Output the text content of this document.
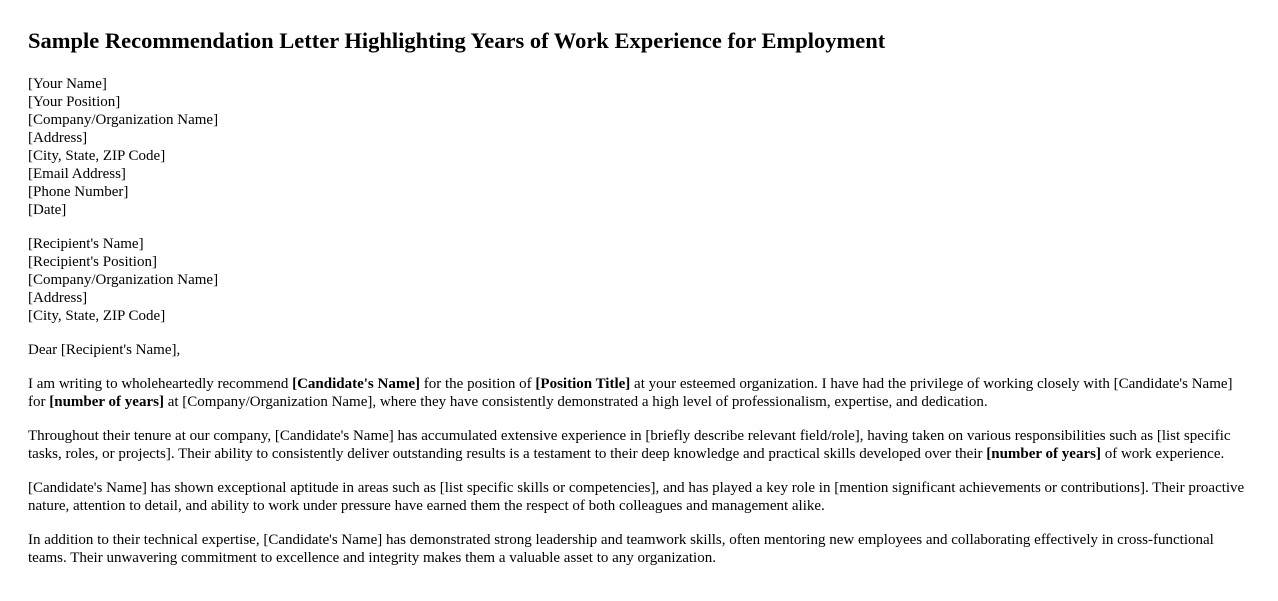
Sample Recommendation Letter Highlighting Years of Work Experience for Employment
[Your Name]
[Your Position]
[Company/Organization Name]
[Address]
[City, State, ZIP Code]
[Email Address]
[Phone Number]
[Date]
[Recipient's Name]
[Recipient's Position]
[Company/Organization Name]
[Address]
[City, State, ZIP Code]

Dear [Recipient's Name],

I am writing to wholeheartedly recommend [Candidate's Name] for the position of [Position Title] at your esteemed organization. I have had the privilege of working closely with [Candidate's Name] for [number of years] at [Company/Organization Name], where they have consistently demonstrated a high level of professionalism, expertise, and dedication.

Throughout their tenure at our company, [Candidate's Name] has accumulated extensive experience in [briefly describe relevant field/role], having taken on various responsibilities such as [list specific tasks, roles, or projects]. Their ability to consistently deliver outstanding results is a testament to their deep knowledge and practical skills developed over their [number of years] of work experience.

[Candidate's Name] has shown exceptional aptitude in areas such as [list specific skills or competencies], and has played a key role in [mention significant achievements or contributions]. Their proactive nature, attention to detail, and ability to work under pressure have earned them the respect of both colleagues and management alike.

In addition to their technical expertise, [Candidate's Name] has demonstrated strong leadership and teamwork skills, often mentoring new employees and collaborating effectively in cross-functional teams. Their unwavering commitment to excellence and integrity makes them a valuable asset to any organization.
